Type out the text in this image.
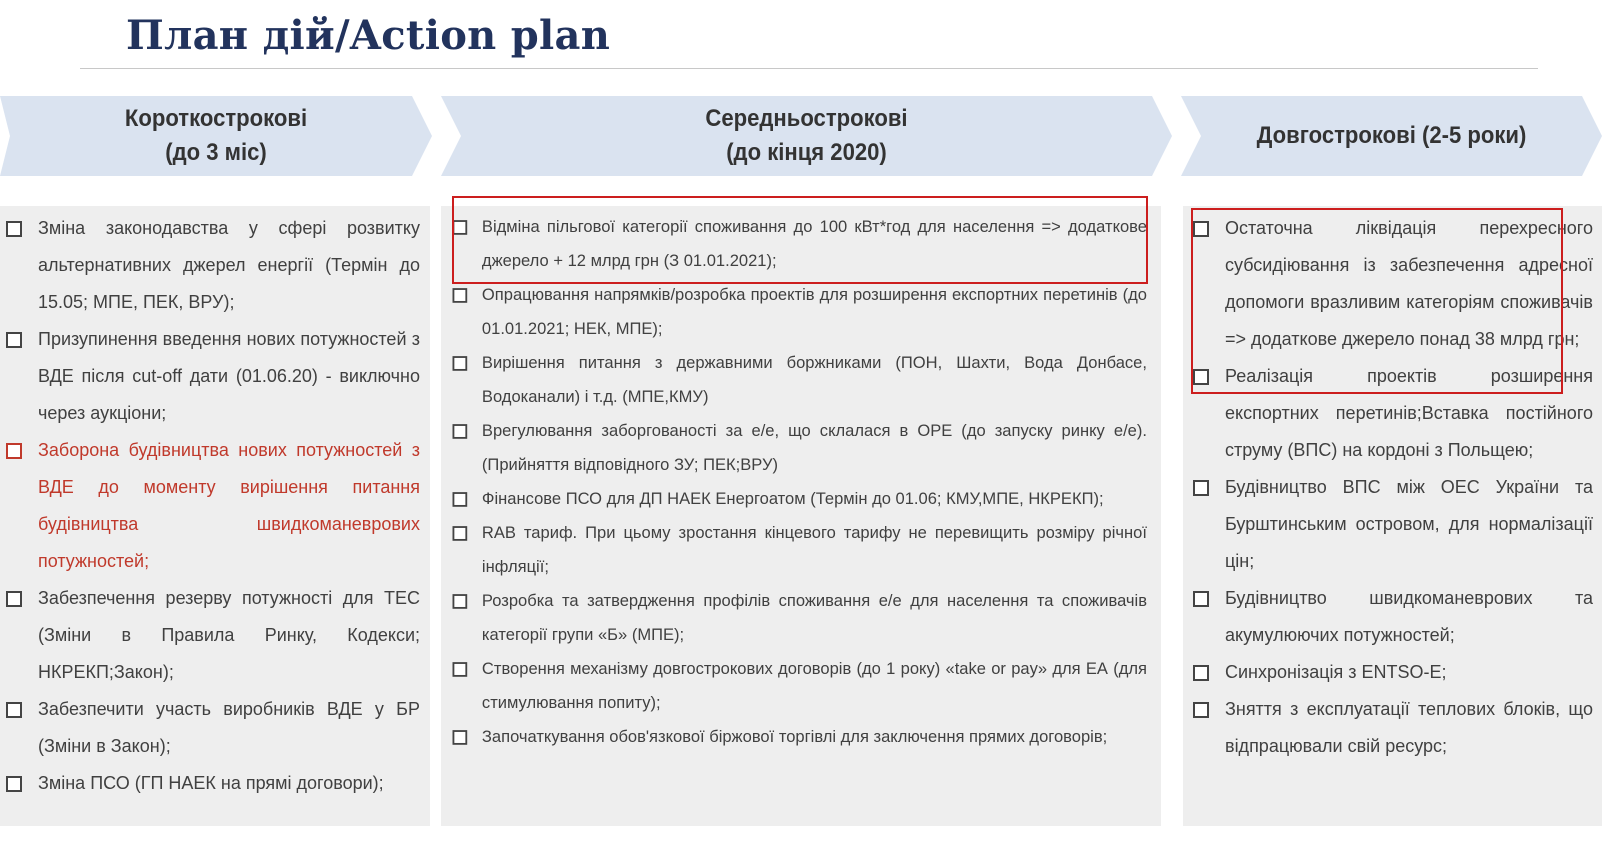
План дій/Action plan
Короткострокові
(до 3 міс)
Середньострокові
(до кінця 2020)
Довгострокові (2-5 роки)
Зміна законодавства у сфері розвитку альтернативних джерел енергії (Термін до 15.05; МПЕ, ПЕК, ВРУ);
Призупинення введення нових потужностей з ВДЕ після cut-off дати (01.06.20) - виключно через аукціони;
Заборона будівництва нових потужностей з ВДЕ до моменту вирішення питання будівництва швидкоманеврових потужностей;
Забезпечення резерву потужності для ТЕС (Зміни в Правила Ринку, Кодекси; НКРЕКП;Закон);
Забезпечити участь виробників ВДЕ у БР (Зміни в Закон);
Зміна ПСО (ГП НАЕК на прямі договори);
Відміна пільгової категорії споживання до 100 кВт*год для населення => додаткове джерело + 12 млрд грн (З 01.01.2021);
Опрацювання напрямків/розробка проектів для розширення експортних перетинів (до 01.01.2021; НЕК, МПЕ);
Вирішення питання з державними боржниками (ПОН, Шахти, Вода Донбасе, Водоканали) і т.д. (МПЕ,КМУ)
Врегулювання заборгованості за е/е, що склалася в ОРЕ (до запуску ринку е/е). (Прийняття відповідного ЗУ; ПЕК;ВРУ)
Фінансове ПСО для ДП НАЕК Енергоатом (Термін до 01.06; КМУ,МПЕ, НКРЕКП);
RAB тариф. При цьому зростання кінцевого тарифу не перевищить розміру річної інфляції;
Розробка та затвердження профілів споживання е/е для населення та споживачів категорії групи «Б» (МПЕ);
Створення механізму довгострокових договорів (до 1 року) «take or pay» для ЕА (для стимулювання попиту);
Започаткування обов'язкової біржової торгівлі для заключення прямих договорів;
Остаточна ліквідація перехресного субсидіювання із забезпечення адресної допомоги вразливим категоріям споживачів => додаткове джерело понад 38 млрд грн;
Реалізація проектів розширення експортних перетинів;Вставка постійного струму (ВПС) на кордоні з Польщею;
Будівництво ВПС між ОЕС України та Бурштинським островом, для нормалізації цін;
Будівництво швидкоманеврових та акумулюючих потужностей;
Синхронізація з ENTSO-E;
Зняття з експлуатації теплових блоків, що відпрацювали свій ресурс;
